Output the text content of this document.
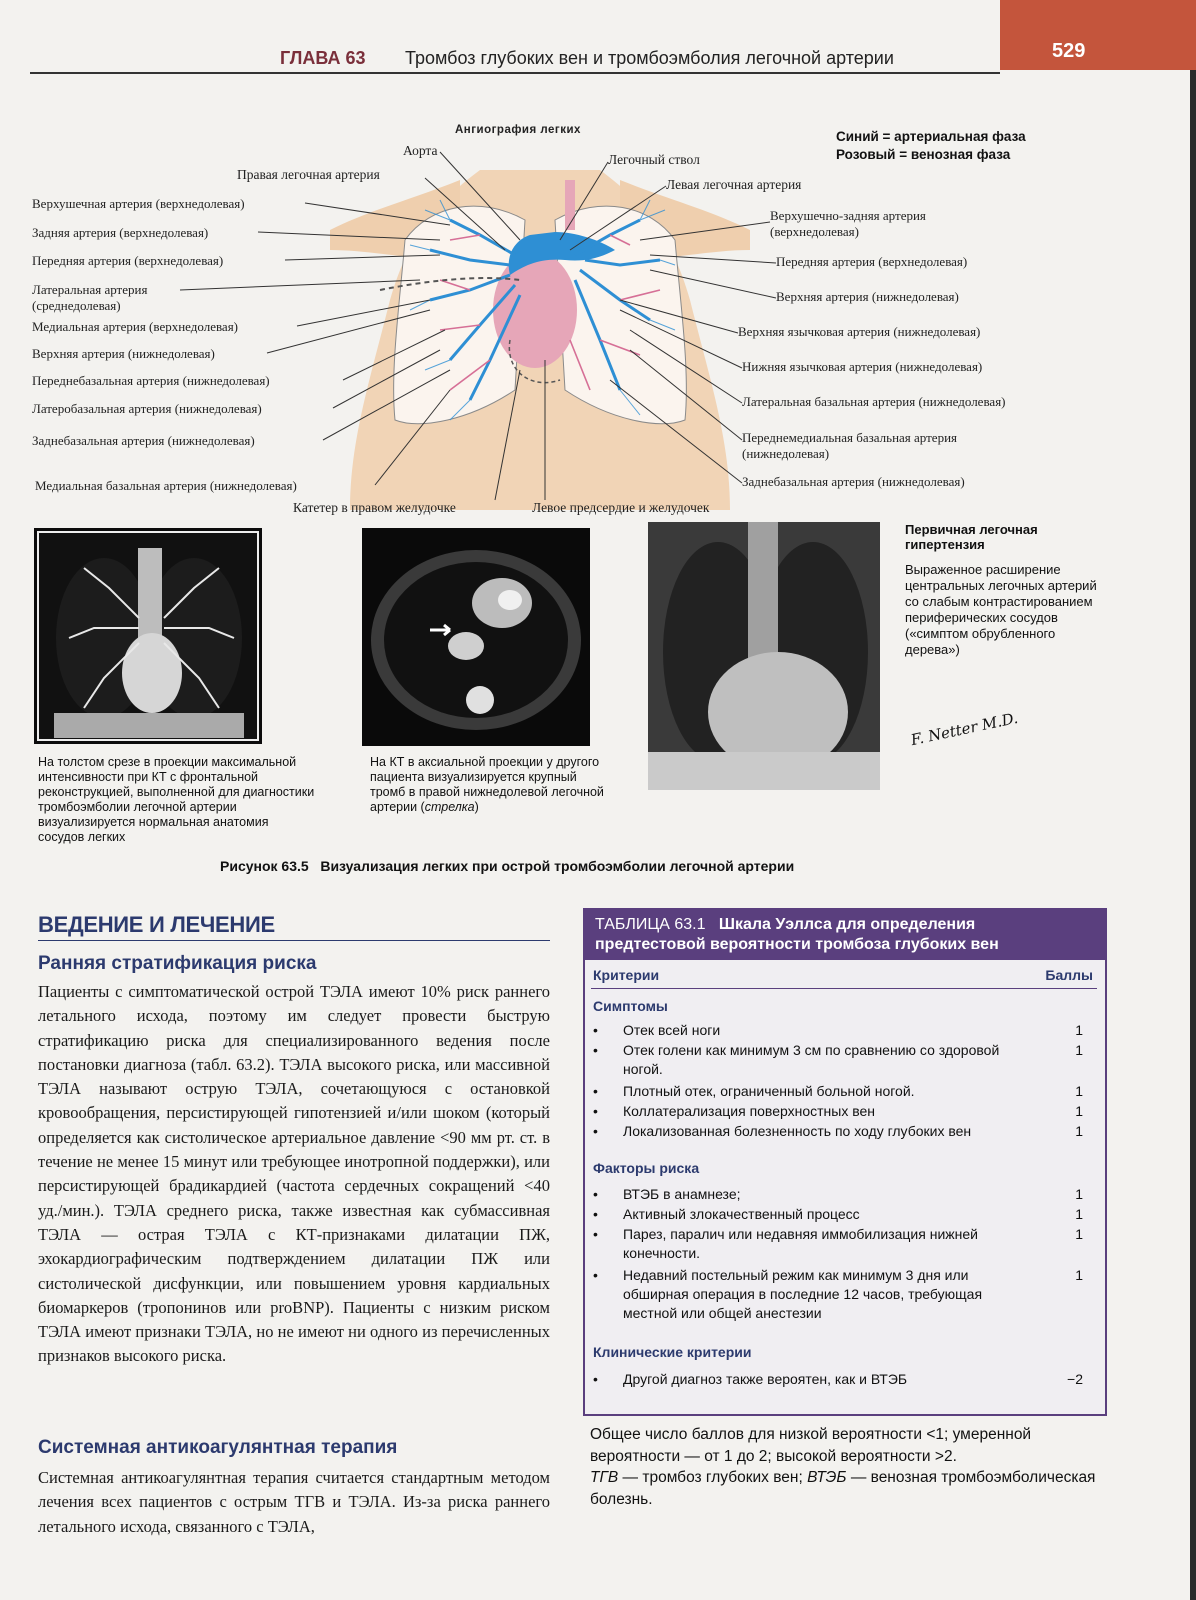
529
ГЛАВА 63 Тромбоз глубоких вен и тромбоэмболия легочной артерии
Ангиография легких	Синий = артериальная фаза
Розовый = венозная фаза
Аорта
Правая легочная артерия
Верхушечная артерия (верхнедолевая)
Задняя артерия (верхнедолевая)
Передняя артерия (верхнедолевая)
Латеральная артерия
(среднедолевая)
Медиальная артерия (верхнедолевая)
Верхняя артерия (нижнедолевая)
Переднебазальная артерия (нижнедолевая)
Латеробазальная артерия (нижнедолевая)
Заднебазальная артерия (нижнедолевая)
Медиальная базальная артерия (нижнедолевая)
Легочный ствол
Левая легочная артерия
Верхушечно-задняя артерия
(верхнедолевая)
Передняя артерия (верхнедолевая)
Верхняя артерия (нижнедолевая)
Верхняя язычковая артерия (нижнедолевая)
Нижняя язычковая артерия (нижнедолевая)
Латеральная базальная артерия (нижнедолевая)
Переднемедиальная базальная артерия
(нижнедолевая)
Заднебазальная артерия (нижнедолевая)
Катетер в правом желудочке	Левое предсердие и желудочек
Первичная легочная гипертензия
Выраженное расширение центральных легочных артерий со слабым контрастированием периферических сосудов («симптом обрубленного дерева»)
F. Netter M.D.
На толстом срезе в проекции максимальной интенсивности при КТ с фронтальной реконструкцией, выполненной для диагностики тромбоэмболии легочной артерии визуализируется нормальная анатомия сосудов легких
На КТ в аксиальной проекции у другого пациента визуализируется крупный тромб в правой нижнедолевой легочной артерии (стрелка)
Рисунок 63.5 Визуализация легких при острой тромбоэмболии легочной артерии
ВЕДЕНИЕ И ЛЕЧЕНИЕ
Ранняя стратификация риска
Пациенты с симптоматической острой ТЭЛА имеют 10% риск раннего летального исхода, поэтому им следует провести быструю стратификацию риска для специализированного ведения после постановки диагноза (табл. 63.2). ТЭЛА высокого риска, или массивной ТЭЛА называют острую ТЭЛА, сочетающуюся с остановкой кровообращения, персистирующей гипотензией и/или шоком (который определяется как систолическое артериальное давление <90 мм рт. ст. в течение не менее 15 минут или требующее инотропной поддержки), или персистирующей брадикардией (частота сердечных сокращений <40 уд./мин.). ТЭЛА среднего риска, также известная как субмассивная ТЭЛА — острая ТЭЛА с КТ-признаками дилатации ПЖ, эхокардиографическим подтверждением дилатации ПЖ или систолической дисфункции, или повышением уровня кардиальных биомаркеров (тропонинов или proBNP). Пациенты с низким риском ТЭЛА имеют признаки ТЭЛА, но не имеют ни одного из перечисленных признаков высокого риска.
Системная антикоагулянтная терапия
Системная антикоагулянтная терапия считается стандартным методом лечения всех пациентов с острым ТГВ и ТЭЛА. Из-за риска раннего летального исхода, связанного с ТЭЛА,
ТАБЛИЦА 63.1 Шкала Уэллса для определения
предтестовой вероятности тромбоза глубоких вен
Критерии	Баллы
Симптомы
• Отек всей ноги	1
• Отек голени как минимум 3 см по сравнению со здоровой ногой.
1
• Плотный отек, ограниченный больной ногой.	1
• Коллатерализация поверхностных вен	1
• Локализованная болезненность по ходу глубоких вен	1
Факторы риска
• ВТЭБ в анамнезе;	1
• Активный злокачественный процесс	1
• Парез, паралич или недавняя иммобилизация нижней конечности.
1
• Недавний постельный режим как минимум 3 дня или обширная операция в последние 12 часов, требующая местной или общей анестезии
1
Клинические критерии
• Другой диагноз также вероятен, как и ВТЭБ	−2
Общее число баллов для низкой вероятности <1; умеренной вероятности — от 1 до 2; высокой вероятности >2.
ТГВ — тромбоз глубоких вен; ВТЭБ — венозная тромбоэмболическая болезнь.
